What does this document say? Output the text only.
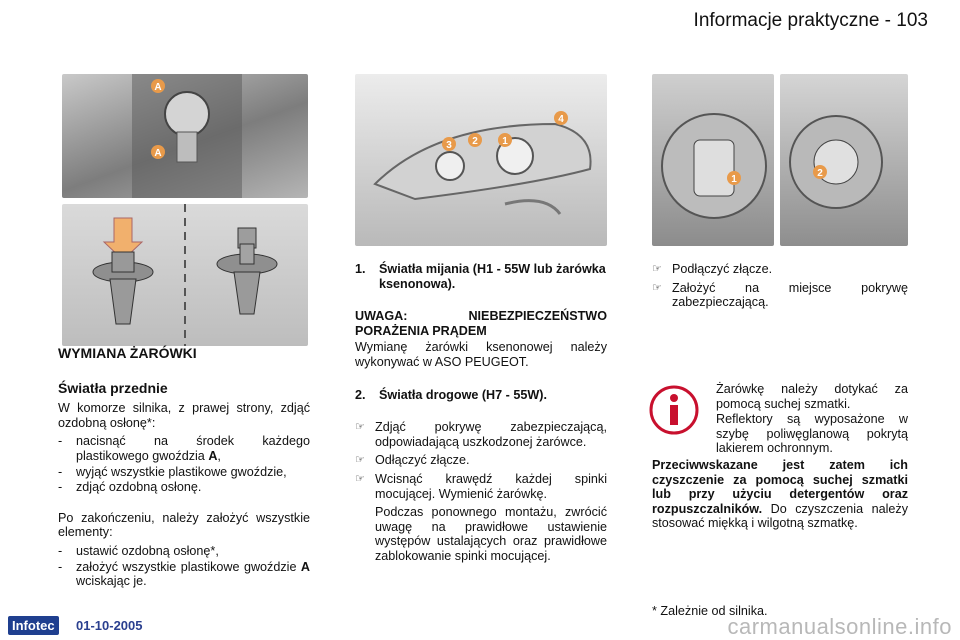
Informacje praktyczne - 103
A
A
WYMIANA ŻARÓWKI
Światła przednie

W komorze silnika, z prawej strony, zdjąć ozdobną osłonę*:

-	nacisnąć na środek każdego plastikowego gwoździa A,
-	wyjąć wszystkie plastikowe gwoździe,
-	zdjąć ozdobną osłonę.

Po zakończeniu, należy założyć wszystkie elementy:

-	ustawić ozdobną osłonę*,
-	założyć wszystkie plastikowe gwoździe A wciskając je.
1
2
3
4
1.	Światła mijania (H1 - 55W lub żarówka ksenonowa).
UWAGA: NIEBEZPIECZEŃSTWO PORAŻENIA PRĄDEM

Wymianę żarówki ksenonowej należy wykonywać w ASO PEUGEOT.

2.	Światła drogowe (H7 - 55W).
☞ Zdjąć pokrywę zabezpieczającą, odpowiadającą uszkodzonej żarówce.
☞ Odłączyć złącze.
☞ Wcisnąć krawędź każdej spinki mocującej. Wymienić żarówkę.
Podczas ponownego montażu, zwrócić uwagę na prawidłowe ustawienie występów ustalających oraz prawidłowe zablokowanie spinki mocującej.
1
2
☞ Podłączyć złącze.
☞ Założyć na miejsce pokrywę zabezpieczającą.

Żarówkę należy dotykać za pomocą suchej szmatki.

Reflektory są wyposażone w szybę poliwęglanową pokrytą lakierem ochronnym.

Przeciwwskazane jest zatem ich czyszczenie za pomocą suchej szmatki lub przy użyciu detergentów oraz rozpuszczalników. Do czyszczenia należy stosować miękką i wilgotną szmatkę.

* Zależnie od silnika.
Infotec	01-10-2005	carmanualsonline.info
